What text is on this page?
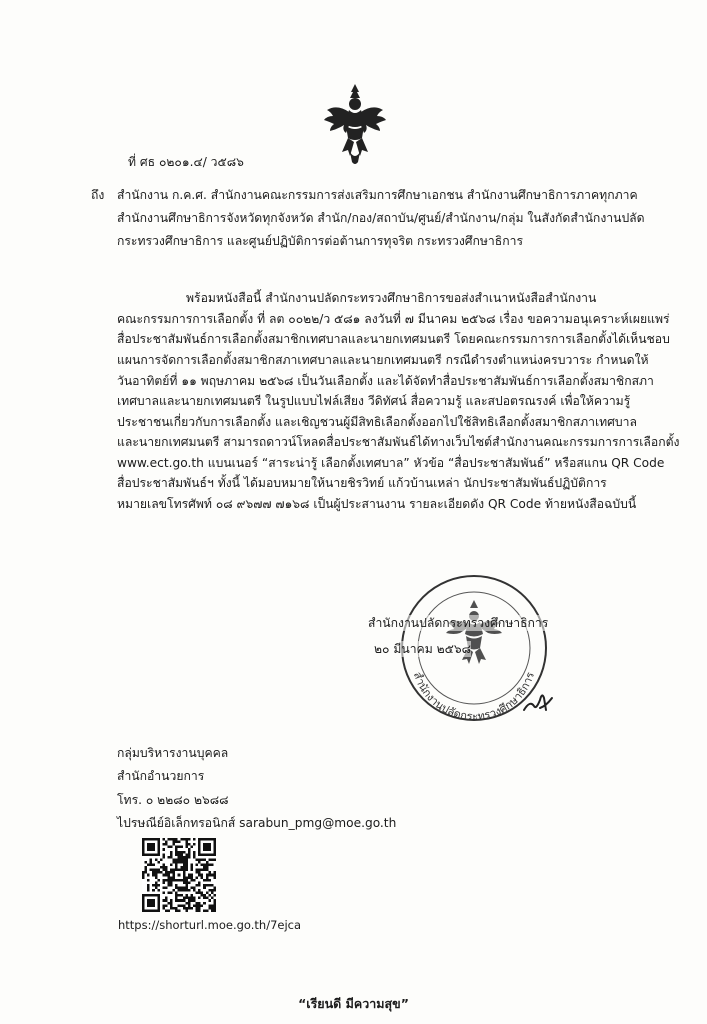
ที่ ศธ ๐๒๐๑.๔/ ว๕๘๖
ถึง สำนักงาน ก.ค.ศ. สำนักงานคณะกรรมการส่งเสริมการศึกษาเอกชน สำนักงานศึกษาธิการภาคทุกภาค
สำนักงานศึกษาธิการจังหวัดทุกจังหวัด สำนัก/กอง/สถาบัน/ศูนย์/สำนักงาน/กลุ่ม ในสังกัดสำนักงานปลัด
กระทรวงศึกษาธิการ และศูนย์ปฏิบัติการต่อต้านการทุจริต กระทรวงศึกษาธิการ
พร้อมหนังสือนี้ สำนักงานปลัดกระทรวงศึกษาธิการขอส่งสำเนาหนังสือสำนักงาน
คณะกรรมการการเลือกตั้ง ที่ ลต ๐๐๒๒/ว ๕๘๑ ลงวันที่ ๗ มีนาคม ๒๕๖๘ เรื่อง ขอความอนุเคราะห์เผยแพร่
สื่อประชาสัมพันธ์การเลือกตั้งสมาชิกเทศบาลและนายกเทศมนตรี โดยคณะกรรมการการเลือกตั้งได้เห็นชอบ
แผนการจัดการเลือกตั้งสมาชิกสภาเทศบาลและนายกเทศมนตรี กรณีดำรงตำแหน่งครบวาระ กำหนดให้
วันอาทิตย์ที่ ๑๑ พฤษภาคม ๒๕๖๘ เป็นวันเลือกตั้ง และได้จัดทำสื่อประชาสัมพันธ์การเลือกตั้งสมาชิกสภา
เทศบาลและนายกเทศมนตรี ในรูปแบบไฟล์เสียง วีดิทัศน์ สื่อความรู้ และสปอตรณรงค์ เพื่อให้ความรู้
ประชาชนเกี่ยวกับการเลือกตั้ง และเชิญชวนผู้มีสิทธิเลือกตั้งออกไปใช้สิทธิเลือกตั้งสมาชิกสภาเทศบาล
และนายกเทศมนตรี สามารถดาวน์โหลดสื่อประชาสัมพันธ์ได้ทางเว็บไซต์สำนักงานคณะกรรมการการเลือกตั้ง
www.ect.go.th แบนเนอร์ “สาระน่ารู้ เลือกตั้งเทศบาล” หัวข้อ “สื่อประชาสัมพันธ์” หรือสแกน QR Code
สื่อประชาสัมพันธ์ฯ ทั้งนี้ ได้มอบหมายให้นายชิรวิทย์ แก้วบ้านเหล่า นักประชาสัมพันธ์ปฏิบัติการ
หมายเลขโทรศัพท์ ๐๘ ๙๖๗๗ ๗๑๖๘ เป็นผู้ประสานงาน รายละเอียดดัง QR Code ท้ายหนังสือฉบับนี้
สำนักงานปลัดกระทรวงศึกษาธิการ
สำนักงานปลัดกระทรวงศึกษาธิการ
๒๐ มีนาคม ๒๕๖๘
กลุ่มบริหารงานบุคคล
สำนักอำนวยการ
โทร. ๐ ๒๒๘๐ ๒๖๘๘
ไปรษณีย์อิเล็กทรอนิกส์ sarabun_pmg@moe.go.th
https://shorturl.moe.go.th/7ejca
“เรียนดี มีความสุข”
